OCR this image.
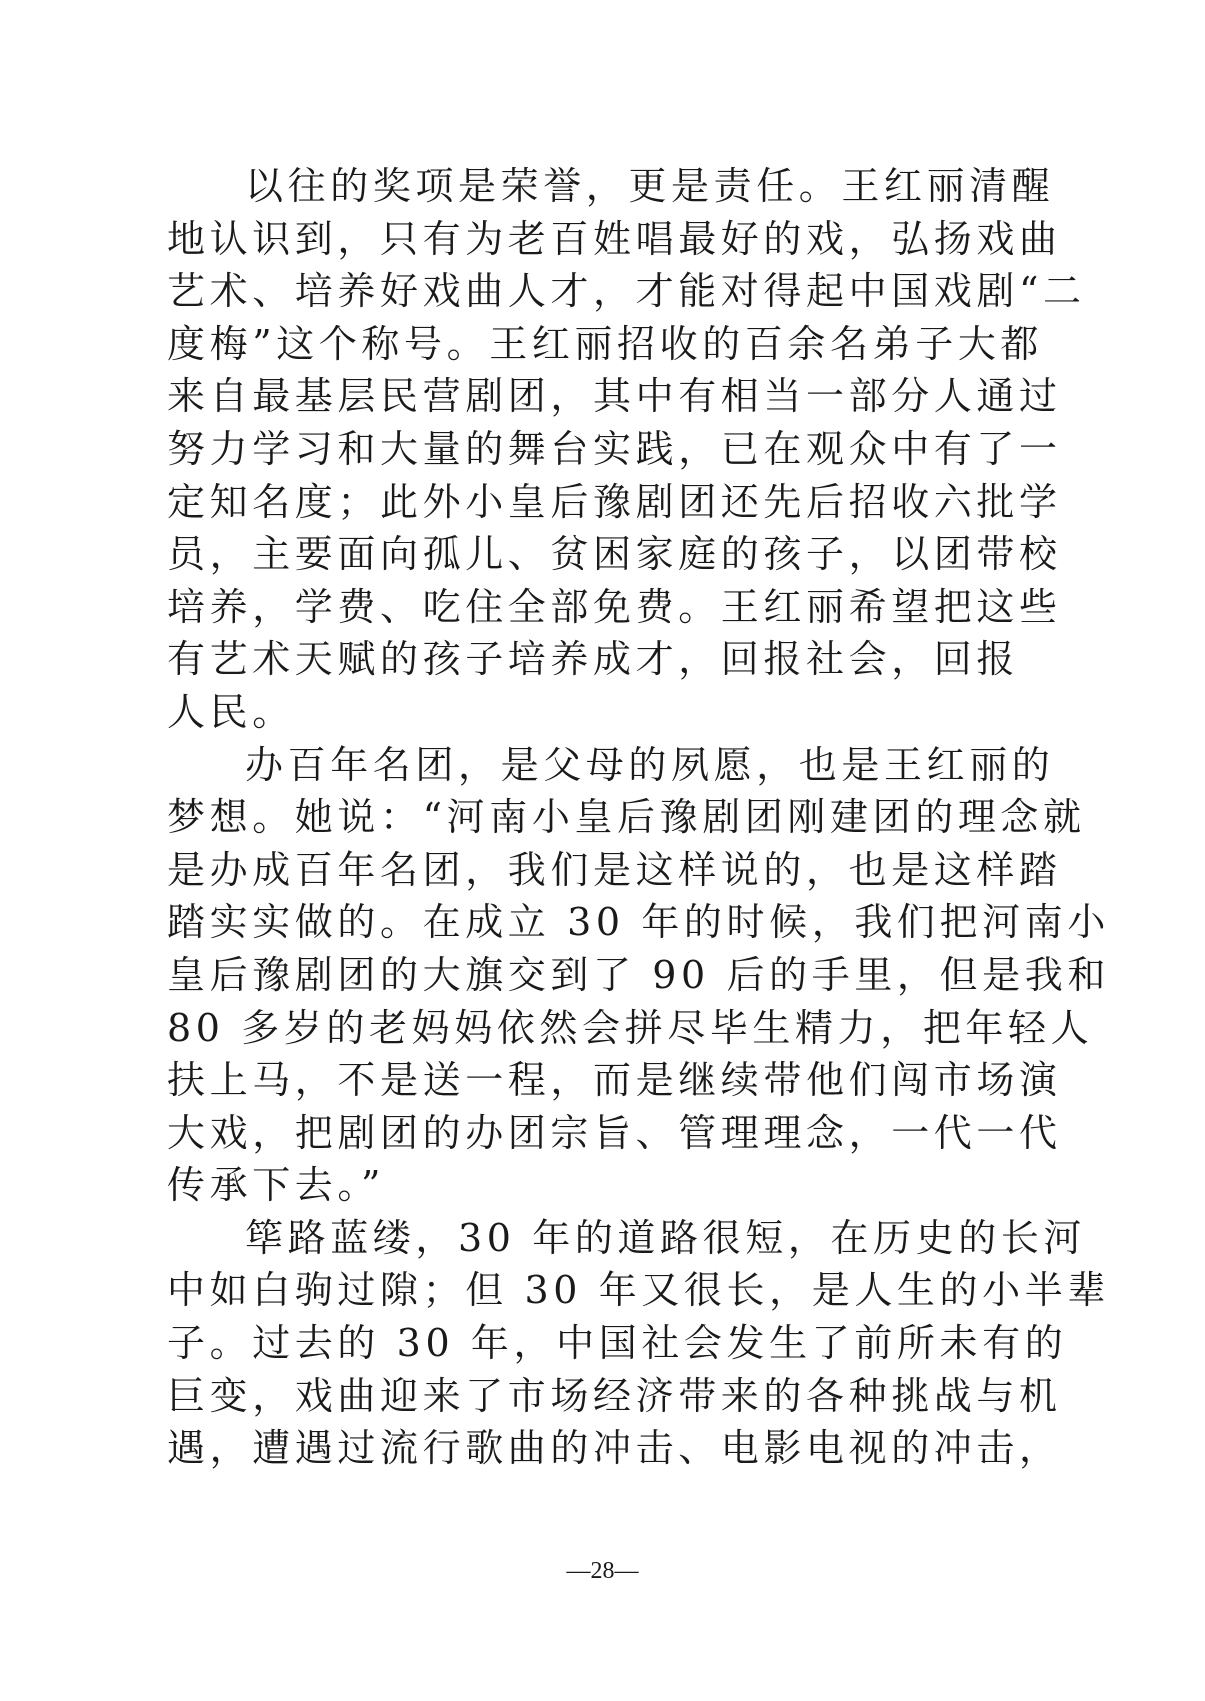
以往的奖项是荣誉，更是责任。王红丽清醒
地认识到，只有为老百姓唱最好的戏，弘扬戏曲
艺术、培养好戏曲人才，才能对得起中国戏剧“二
度梅”这个称号。王红丽招收的百余名弟子大都
来自最基层民营剧团，其中有相当一部分人通过
努力学习和大量的舞台实践，已在观众中有了一
定知名度；此外小皇后豫剧团还先后招收六批学
员，主要面向孤儿、贫困家庭的孩子，以团带校
培养，学费、吃住全部免费。王红丽希望把这些
有艺术天赋的孩子培养成才，回报社会，回报
人民。
办百年名团，是父母的夙愿，也是王红丽的
梦想。她说：“河南小皇后豫剧团刚建团的理念就
是办成百年名团，我们是这样说的，也是这样踏
踏实实做的。在成立 30 年的时候，我们把河南小
皇后豫剧团的大旗交到了 90 后的手里，但是我和
80 多岁的老妈妈依然会拼尽毕生精力，把年轻人
扶上马，不是送一程，而是继续带他们闯市场演
大戏，把剧团的办团宗旨、管理理念，一代一代
传承下去。”
筚路蓝缕，30 年的道路很短，在历史的长河
中如白驹过隙；但 30 年又很长，是人生的小半辈
子。过去的 30 年，中国社会发生了前所未有的
巨变，戏曲迎来了市场经济带来的各种挑战与机
遇，遭遇过流行歌曲的冲击、电影电视的冲击，
—28—
